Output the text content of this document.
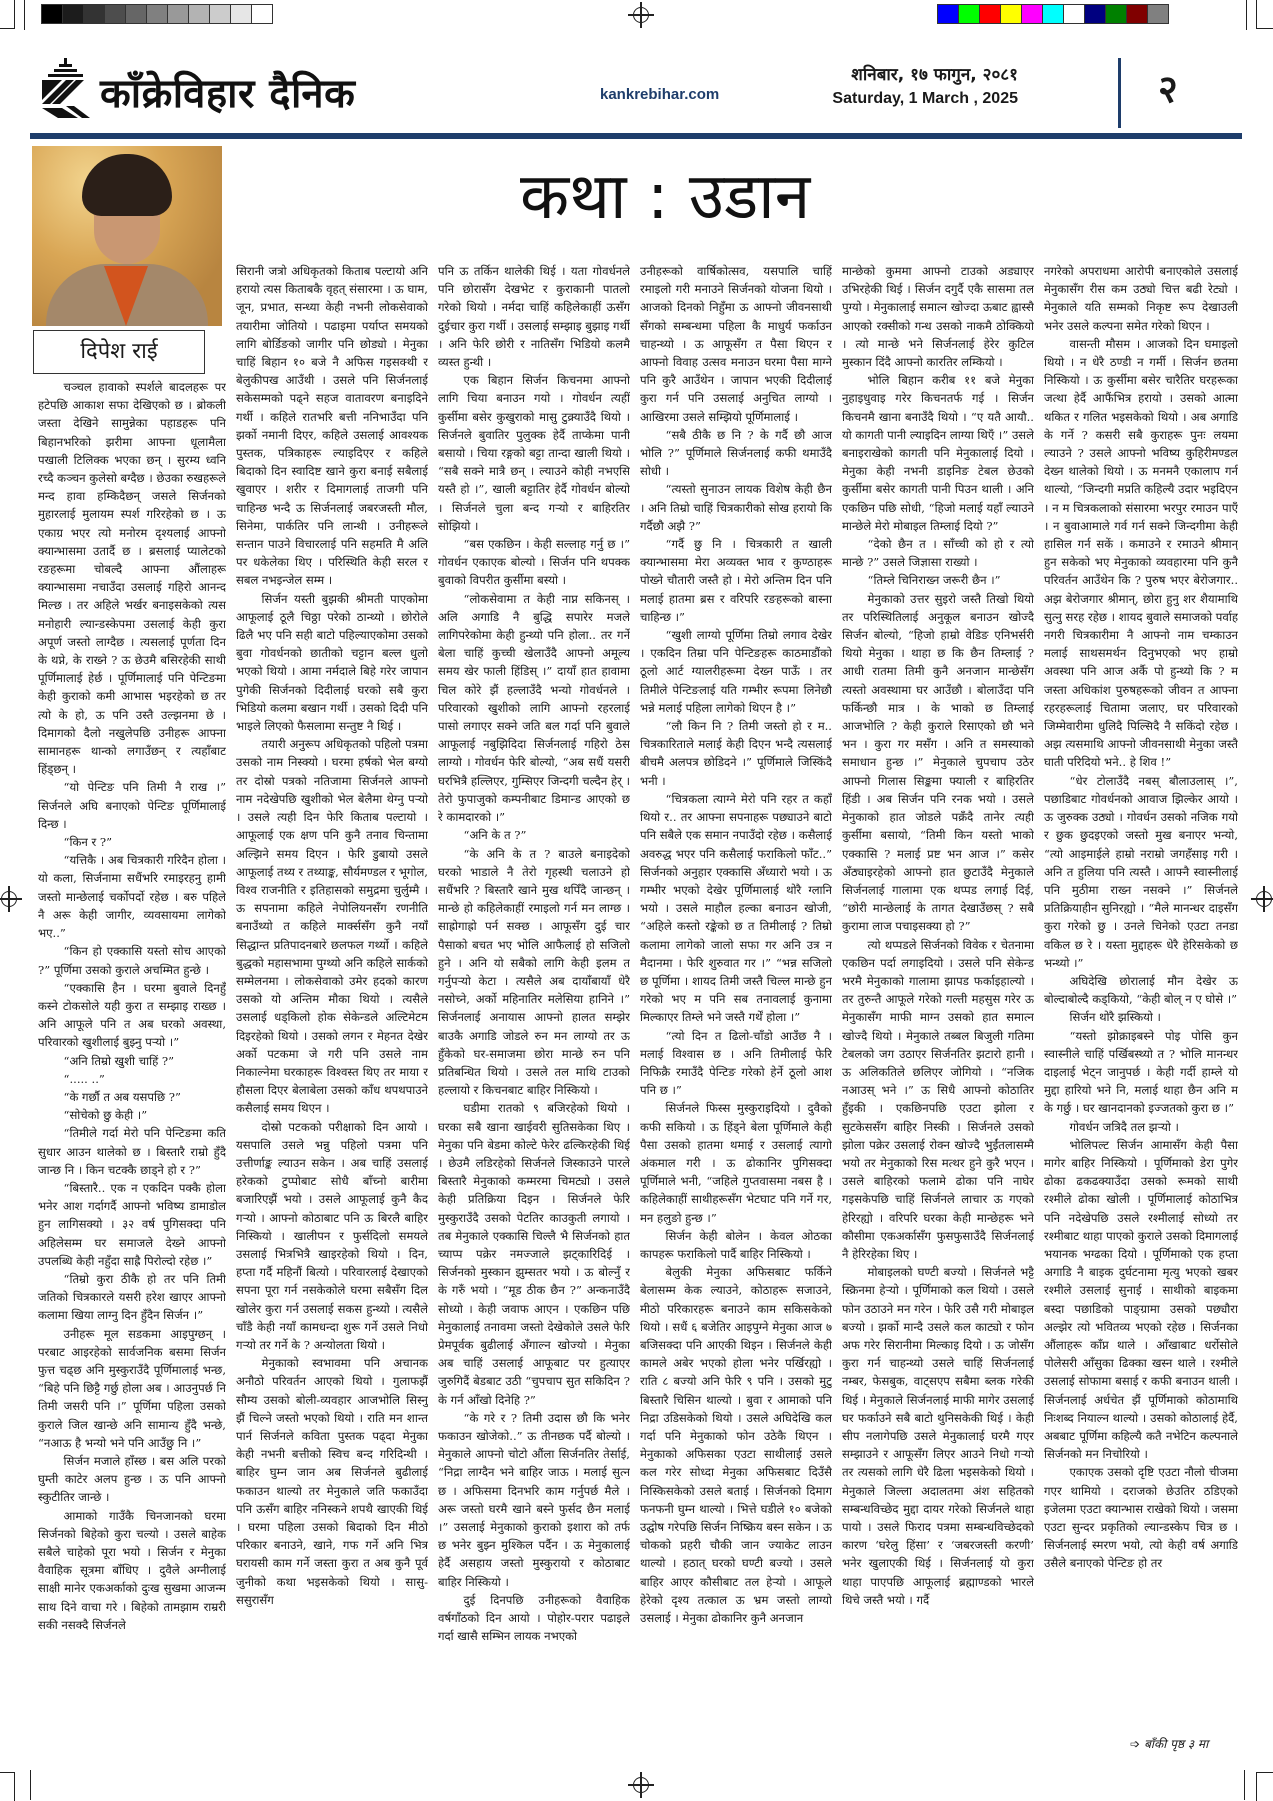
काँक्रेविहार दैनिक	kankrebihar.com
शनिबार, १७ फागुन, २०८१
Saturday, 1 March , 2025	२
दिपेश राई
कथा : उडान

चञ्चल हावाको स्पर्शले बादलहरू पर हटेपछि आकाश सफा देखिएको छ । ब्रोकली जस्ता देखिने सामुन्नेका पहाडहरू पनि बिहानभरिको झरीमा आफ्ना धूलामैला पखाली टिलिक्क भएका छन् । सुरम्य ध्वनि रच्दै कञ्चन कुलेसो बग्दैछ । छेउका रुखहरूले मन्द हावा हम्किदैछन् जसले सिर्जनको मुहारलाई मुलायम स्पर्श गरिरहेको छ । ऊ एकाग्र भएर त्यो मनोरम दृश्यलाई आफ्नो क्यान्भासमा उतार्दै छ । ब्रसलाई प्यालेटको रङहरूमा चोबल्दै आफ्ना औंलाहरू क्यान्भासमा नचाउँदा उसलाई गहिरो आनन्द मिल्छ । तर अहिले भर्खर बनाइसकेको त्यस मनोहारी ल्यान्डस्केपमा उसलाई केही कुरा अपूर्ण जस्तो लाग्दैछ । त्यसलाई पूर्णता दिन के थप्ने, के राख्ने ? ऊ छेउमै बसिरहेकी साथी पूर्णिमालाई हेर्छ । पूर्णिमालाई पनि पेन्टिङमा केही कुराको कमी आभास भइरहेको छ तर त्यो के हो, ऊ पनि उस्तै उल्झनमा छे । दिमागको दैलो नखुलेपछि उनीहरू आफ्ना सामानहरू थान्को लगाउँछन् र त्यहाँबाट हिंड्छन् ।

“यो पेन्टिङ पनि तिमी नै राख ।” सिर्जनले अघि बनाएको पेन्टिङ पूर्णिमालाई दिन्छ ।

“किन र ?”

“यत्तिकै । अब चित्रकारी गरिदैन होला । यो कला, सिर्जनामा सधैंभरि रमाइरहनु हामी जस्तो मान्छेलाई चर्कोपर्दो रहेछ । बरु पहिले नै अरू केही जागीर, व्यवसायमा लागेको भए..”

“किन हो एक्कासि यस्तो सोच आएको ?” पूर्णिमा उसको कुराले अचम्मित हुन्छे ।

“एक्कासि हैन । घरमा बुवाले दिनहुँ कस्ने टोकसोले यही कुरा त सम्झाइ राख्छ । अनि आफूले पनि त अब घरको अवस्था, परिवारको खुशीलाई बुझ्नु पऱ्यो ।”

“अनि तिम्रो खुशी चाहिं ?”

“..... ..”

“के गर्छौ त अब यसपछि ?”

“सोचेको छु केही ।”

“तिमीले गर्दा मेरो पनि पेन्टिङमा कति सुधार आउन थालेको छ । बिस्तारै राम्रो हुँदै जान्छ नि । किन चटक्कै छाड्ने हो र ?”

“बिस्तारै.. एक न एकदिन पक्कै होला भनेर आश गर्दागर्दै आफ्नो भविष्य डामाडोल हुन लागिसक्यो । ३२ वर्ष पुगिसक्दा पनि अहिलेसम्म घर समाजले देख्ने आफ्नो उपलब्धि केही नहुँदा साह्रै पिरोल्दो रहेछ ।”

“तिम्रो कुरा ठीकै हो तर पनि तिमी जतिको चित्रकारले यसरी हरेश खाएर आफ्नो कलामा खिया लाग्नु दिन हुँदैन सिर्जन ।”

उनीहरू मूल सडकमा आइपुग्छन् । परबाट आइरहेको सार्वजनिक बसमा सिर्जन फुत्त चढ्छ अनि मुस्कुराउँदै पूर्णिमालाई भन्छ, “बिहे पनि छिट्टै गर्छु होला अब । आउनुपर्छ नि तिमी जसरी पनि ।” पूर्णिमा पहिला उसको कुराले जिल खान्छे अनि सामान्य हुँदै भन्छे, “नआऊ है भन्यो भने पनि आउँछु नि ।”

सिर्जन मजाले हाँस्छ । बस अलि परको घुम्ती काटेर अलप हुन्छ । ऊ पनि आफ्नो स्कुटीतिर जान्छे ।

आमाको गाउँकै चिनजानको घरमा सिर्जनको बिहेको कुरा चल्यो । उसले बाहेक सबैले चाहेको पूरा भयो । सिर्जन र मेनुका वैवाहिक सूत्रमा बाँधिए । दुवैले अग्नीलाई साक्षी मानेर एकअर्काको दुःख सुखमा आजन्म साथ दिने वाचा गरे । बिहेको तामझाम राम्ररी सकी नसक्दै सिर्जनले

सिरानी जत्रो अधिकृतको किताब पल्टायो अनि हरायो त्यस किताबकै वृहत् संसारमा । ऊ घाम, जून, प्रभात, सन्ध्या केही नभनी लोकसेवाको तयारीमा जोतियो । पढाइमा पर्याप्त समयको लागि बोर्डिङको जागीर पनि छोड्यो । मेनुका चाहिं बिहान १० बजे नै अफिस गइसक्थी र बेलुकीपख आउँथी । उसले पनि सिर्जनलाई सकेसम्मको पढ्ने सहज वातावरण बनाइदिने गर्थी । कहिले रातभरि बत्ती ननिभाउँदा पनि झर्को नमानी दिएर, कहिले उसलाई आवश्यक पुस्तक, पत्रिकाहरू ल्याइदिएर र कहिले बिदाको दिन स्वादिष्ट खाने कुरा बनाई सबैलाई खुवाएर । शरीर र दिमागलाई ताजगी पनि चाहिन्छ भन्दै ऊ सिर्जनलाई जबरजस्ती मौल, सिनेमा, पार्कतिर पनि लान्थी । उनीहरूले सन्तान पाउने विचारलाई पनि सहमति मै अलि पर धकेलेका थिए । परिस्थिति केही सरल र सबल नभइन्जेल सम्म ।

सिर्जन यस्ती बुझकी श्रीमती पाएकोमा आफूलाई ठूलै चिठ्ठा परेको ठान्थ्यो । छोरोले ढिलै भए पनि सही बाटो पहिल्याएकोमा उसको बुवा गोवर्धनको छातीको चट्टान बल्ल धुलो भएको थियो । आमा नर्मदाले बिहे गरेर जापान पुगेकी सिर्जनको दिदीलाई घरको सबै कुरा भिडियो कलमा बखान गर्थी । उसको दिदी पनि भाइले लिएको फैसलामा सन्तुष्ट नै थिई ।

तयारी अनुरूप अधिकृतको पहिलो पत्रमा उसको नाम निस्क्यो । घरमा हर्षको भेल बग्यो तर दोस्रो पत्रको नतिजामा सिर्जनले आफ्नो नाम नदेखेपछि खुशीको भेल बेलैमा थेग्नु पऱ्यो । उसले त्यही दिन फेरि किताब पल्टायो । आफूलाई एक क्षण पनि कुनै तनाव चिन्तामा अल्झिने समय दिएन । फेरि डुबायो उसले आफूलाई तथ्य र तथ्याङ्क, सौर्यमण्डल र भूगोल, विश्व राजनीति र इतिहासको समुद्रमा चुर्लुम्मै । ऊ सपनामा कहिले नेपोलियनसँग रणनीति बनाउँथ्यो त कहिले मार्क्ससँग कुनै नयाँ सिद्धान्त प्रतिपादनबारे छलफल गर्थ्यो । कहिले बुद्धको महासभामा पुग्थ्यो अनि कहिले सार्कको सम्मेलनमा । लोकसेवाको उमेर हदको कारण उसको यो अन्तिम मौका थियो । त्यसैले उसलाई धड्किलो होक सेकेन्डले अल्टिमेटम दिइरहेको थियो । उसको लगन र मेहनत देखेर अर्को पटकमा जे गरी पनि उसले नाम निकाल्नेमा घरकाहरू विश्वस्त थिए तर माया र हौसला दिएर बेलाबेला उसको काँध थपथपाउने कसैलाई समय थिएन ।

दोस्रो पटकको परीक्षाको दिन आयो । यसपालि उसले भन्नु पहिलो पत्रमा पनि उत्तीर्णाङ्क ल्याउन सकेन । अब चाहिं उसलाई हरेकको टुप्पोबाट सोधै बाँच्नो बारीमा बजारिएझैं भयो । उसले आफूलाई कुनै कैद गऱ्यो । आफ्नो कोठाबाट पनि ऊ बिरलै बाहिर निस्कियो । खालीपन र फुर्सदिलो समयले उसलाई भित्रभित्रै खाइरहेको थियो । दिन, हप्ता गर्दै महिनौं बित्यो । परिवारलाई देखाएको सपना पूरा गर्न नसकेकोले घरमा सबैसँग दिल खोलेर कुरा गर्न उसलाई सकस हुन्थ्यो । त्यसैले चाँडै केही नयाँ कामधन्दा शुरू गर्ने उसले निधो गऱ्यो तर गर्ने के ? अन्योलता थियो ।

मेनुकाको स्वभावमा पनि अचानक अनौठो परिवर्तन आएको थियो । गुलाफझैं सौम्य उसको बोली-व्यवहार आजभोलि सिस्नु झैं चिल्ने जस्तो भएको थियो । राति मन शान्त पार्न सिर्जनले कविता पुस्तक पढ्दा मेनुका केही नभनी बत्तीको स्विच बन्द गरिदिन्थी । बाहिर घुम्न जान अब सिर्जनले बुढीलाई फकाउन थाल्यो तर मेनुकाले जति फकाउँदा पनि ऊसँग बाहिर ननिस्कने शपथै खाएकी थिई । घरमा पहिला उसको बिदाको दिन मीठो परिकार बनाउने, खाने, गफ गर्ने अनि भित्र घरायसी काम गर्ने जस्ता कुरा त अब कुनै पूर्व जुनीको कथा भइसकेको थियो । सासु-ससुरासँग

पनि ऊ तर्किन थालेकी थिई । यता गोवर्धनले पनि छोरासँग देखभेट र कुराकानी पातलो गरेको थियो । नर्मदा चाहिं कहिलेकाहीं ऊसँग दुईचार कुरा गर्थी । उसलाई सम्झाइ बुझाइ गर्थी । अनि फेरि छोरी र नातिसँग भिडियो कलमै व्यस्त हुन्थी ।

एक बिहान सिर्जन किचनमा आफ्नो लागि चिया बनाउन गयो । गोवर्धन त्यहीं कुर्सीमा बसेर कुखुराको मासु टुक्र्याउँदै थियो । सिर्जनले बुवातिर पुलुक्क हेर्दै ताप्केमा पानी बसायो । चिया रङ्गको बट्टा तान्दा खाली थियो । “सबै सक्ने मात्रै छन् । ल्याउने कोही नभएसि यस्तै हो ।”, खाली बट्टातिर हेर्दै गोवर्धन बोल्यो । सिर्जनले चुला बन्द गऱ्यो र बाहिरतिर सोझियो ।

“बस एकछिन । केही सल्लाह गर्नु छ ।” गोवर्धन एकाएक बोल्यो । सिर्जन पनि थपक्क बुवाको विपरीत कुर्सीमा बस्यो ।

“लोकसेवामा त केही नाप्न सकिनस् । अलि अगाडि नै बुद्धि सपारेर मजले लागिपरेकोमा केही हुन्थ्यो पनि होला.. तर गर्ने बेला चाहिं कुच्ची खेलाउँदै आफ्नो अमूल्य समय खेर फाली हिंडिस् ।” दायाँ हात हावामा चिल कोरे झैं हल्लाउँदै भन्यो गोवर्धनले । परिवारको खुशीको लागि आफ्नो रहरलाई पासो लगाएर सक्ने जति बल गर्दा पनि बुवाले आफूलाई नबुझिदिदा सिर्जनलाई गहिरो ठेस लाग्यो । गोवर्धन फेरि बोल्यो, “अब सधैं यसरी घरभित्रै हल्लिएर, गुम्सिएर जिन्दगी चल्दैन हेर् । तेरो फुपाजुको कम्पनीबाट डिमान्ड आएको छ रे कामदारको ।”

“अनि के त ?”

“के अनि के त ? बाउले बनाइदेको घरको भाडाले नै तेरो गृहस्थी चलाउने हो सधैंभरि ? बिस्तारै खाने मुख थपिँदै जान्छन् । मान्छे हो कहिलेकाहीं रमाइलो गर्न मन लाग्छ । साह्रोगाह्रो पर्न सक्छ । आफूसँग दुई चार पैसाको बचत भए भोलि आफैलाई हो सजिलो हुने । अनि यो सबैको लागि केही इलम त गर्नुपऱ्यो केटा । त्यसैले अब दायाँबायाँ धेरै नसोच्ने, अर्को महिनातिर मलेसिया हानिने ।” सिर्जनलाई अनायास आफ्नो हालत सम्झेर बाउकै अगाडि जोडले रुन मन लाग्यो तर ऊ हुँकेको घर-समाजमा छोरा मान्छे रुन पनि प्रतिबन्धित थियो । उसले तल माथि टाउको हल्लायो र किचनबाट बाहिर निस्कियो ।

घडीमा रातको ९ बजिरहेको थियो । घरका सबै खाना खाईवरी सुतिसकेका थिए । मेनुका पनि बेडमा कोल्टे फेरेर ढल्किरहेकी थिई । छेउमै लडिरहेको सिर्जनले जिस्काउने पारले बिस्तारै मेनुकाको कम्मरमा चिमट्यो । उसले केही प्रतिक्रिया दिइन । सिर्जनले फेरि मुस्कुराउँदै उसको पेटतिर काउकुती लगायो । तब मेनुकाले एक्कासि चिल्लै भै सिर्जनको हात च्याप्प पक्रेर नमज्जाले झट्कारिदिई । सिर्जनको मुस्कान झुम्सतर भयो । ऊ बोल्नुँ र के गरुँ भयो । “मूड ठीक छैन ?” अन्कनाउँदै सोध्यो । केही जवाफ आएन । एकछिन पछि मेनुकालाई तनावमा जस्तो देखेकोले उसले फेरि प्रेमपूर्वक बुढीलाई अँगाल्न खोज्यो । मेनुका अब चाहिं उसलाई आफूबाट पर हुत्याएर जुरुगिदैं बेडबाट उठी “चुपचाप सुत सकिदिन ? के गर्न आँखो दिनेहि ?”

“के गरे र ? तिमी उदास छौ कि भनेर फकाउन खोजेको..” ऊ तीनछक पर्दै बोल्यो । मेनुकाले आफ्नो चोटो औंला सिर्जनतिर तेर्साई, “निद्रा लाग्दैन भने बाहिर जाऊ । मलाई सुत्न छ । अफिसमा दिनभरि काम गर्नुपर्छ मैले । अरू जस्तो घरमै खाने बस्ने फुर्सद छैन मलाई ।” उसलाई मेनुकाको कुराको इशारा को तर्फ छ भनेर बुझ्न मुश्किल पर्दैन । ऊ मेनुकालाई हेर्दै असहाय जस्तो मुस्कुरायो र कोठाबाट बाहिर निस्कियो ।

दुई दिनपछि उनीहरूको वैवाहिक वर्षगाँठको दिन आयो । पोहोर-परार पढाइले गर्दा खासै सम्भिन लायक नभएको

उनीहरूको वार्षिकोत्सव, यसपालि चाहिं रमाइलो गरी मनाउने सिर्जनको योजना थियो । आजको दिनको निहुँमा ऊ आफ्नो जीवनसाथी सँगको सम्बन्धमा पहिला कै माधुर्य फर्काउन चाहन्थ्यो । ऊ आफूसँग त पैसा थिएन र आफ्नो विवाह उत्सव मनाउन घरमा पैसा माग्ने पनि कुरै आउँथेन । जापान भएकी दिदीलाई कुरा गर्न पनि उसलाई अनुचित लाग्यो । आखिरमा उसले सम्झियो पूर्णिमालाई ।

“सबै ठीकै छ नि ? के गर्दै छौ आज भोलि ?” पूर्णिमाले सिर्जनलाई कफी थमाउँदै सोधी ।

“त्यस्तो सुनाउन लायक विशेष केही छैन । अनि तिम्रो चाहिं चित्रकारीको सोख हरायो कि गर्दैछौ अझै ?”

“गर्दै छु नि । चित्रकारी त खाली क्यान्भासमा मेरा अव्यक्त भाव र कुण्ठाहरू पोख्ने चौतारी जस्तै हो । मेरो अन्तिम दिन पनि मलाई हातमा ब्रस र वरिपरि रङहरूको बास्ना चाहिन्छ ।”

“खुशी लाग्यो पूर्णिमा तिम्रो लगाव देखेर । एकदिन तिम्रा पनि पेन्टिङहरू काठमाडौंको ठूलो आर्ट ग्यालरीहरूमा देख्न पाऊँ । तर तिमीले पेन्टिङलाई यति गम्भीर रूपमा लिनेछौ भन्ने मलाई पहिला लागेको थिएन है ।”

“लौ किन नि ? तिमी जस्तो हो र म.. चित्रकारिताले मलाई केही दिएन भन्दै त्यसलाई बीचमै अलपत्र छोडिदने ।” पूर्णिमाले जिस्किंदै भनी ।

“चित्रकला त्याग्ने मेरो पनि रहर त कहाँ थियो र.. तर आफ्ना सपनाहरू पछ्याउने बाटो पनि सबैले एक समान नपाउँदो रहेछ । कसैलाई अवरुद्ध भएर पनि कसैलाई फराकिलो फाँट..” सिर्जनको अनुहार एक्कासि अँध्यारो भयो । ऊ गम्भीर भएको देखेर पूर्णिमालाई थोरै ग्लानि भयो । उसले माहौल हल्का बनाउन खोजी, “अहिले कस्तो रङ्केको छ त तिमीलाई ? तिम्रो कलामा लागेको जालो सफा गर अनि उत्र न मैदानमा । फेरि शुरुवात गर ।” “भन्न सजिलो छ पूर्णिमा । शायद तिमी जस्तै चिल्ल मान्छे हुन गरेको भए म पनि सब तनावलाई कुनामा मिल्काएर तिम्ले भने जस्तै गर्थें होला ।”

“त्यो दिन त ढिलो-चाँडो आउँछ नै । मलाई विश्वास छ । अनि तिमीलाई फेरि निफिक्रै रमाउँदै पेन्टिङ गरेको हेर्ने ठूलो आश पनि छ ।”

सिर्जनले फिस्स मुस्कुराइदियो । दुवैको कफी सकियो । ऊ हिंड्ने बेला पूर्णिमाले केही पैसा उसको हातमा थमाई र उसलाई त्यागो अंकमाल गरी । ऊ ढोकानिर पुगिसक्दा पूर्णिमाले भनी, “जहिले गुप्तवासमा नबस है । कहिलेकाहीं साथीहरूसँग भेटघाट पनि गर्ने गर, मन हलुङो हुन्छ ।”

सिर्जन केही बोलेन । केवल ओठका कापहरू फराकिलो पार्दै बाहिर निस्कियो ।

बेलुकी मेनुका अफिसबाट फर्किने बेलासम्म केक ल्याउने, कोठाहरू सजाउने, मीठो परिकारहरू बनाउने काम सकिसकेको थियो । सधैं ६ बजेतिर आइपुग्ने मेनुका आज ७ बजिसक्दा पनि आएकी थिइन । सिर्जनले केही कामले अबेर भएको होला भनेर पर्खिरह्यो । राति ८ बज्यो अनि फेरि ९ पनि । उसको मुटु बिस्तारै चिसिन थाल्यो । बुवा र आमाको पनि निद्रा उडिसकेको थियो । उसले अघिदेखि कल गर्दा पनि मेनुकाको फोन उठेकै थिएन । मेनुकाको अफिसका एउटा साथीलाई उसले कल गरेर सोध्दा मेनुका अफिसबाट दिउँसै निस्किसकेको उसले बताई । सिर्जनको दिमाग फनफनी घुम्न थाल्यो । भित्ते घडीले १० बजेको उद्घोष गरेपछि सिर्जन निष्क्रिय बस्न सकेन । ऊ चोकको प्रहरी चौकी जान ज्याकेट लाउन थाल्यो । हठात् घरको घण्टी बज्यो । उसले बाहिर आएर कौसीबाट तल हेऱ्यो । आफूले हेरेको दृश्य तत्काल ऊ भ्रम जस्तो लाग्यो उसलाई । मेनुका ढोकानिर कुनै अनजान

मान्छेको कुममा आफ्नो टाउको अड्याएर उभिरहेकी थिई । सिर्जन दगुर्दै एकै सासमा तल पुग्यो । मेनुकालाई समात्न खोज्दा ऊबाट ह्वास्सै आएको रक्सीको गन्ध उसको नाकमै ठोक्कियो । त्यो मान्छे भने सिर्जनलाई हेरेर कुटिल मुस्कान दिंदै आफ्नो कारतिर लम्कियो ।

भोलि बिहान करीब ११ बजे मेनुका नुहाइधुवाइ गरेर किचनतर्फ गई । सिर्जन किचनमै खाना बनाउँदै थियो । “ए यतै आयौ.. यो कागती पानी ल्याइदिन लाग्या थिएँ ।” उसले बनाइराखेको कागती पनि मेनुकालाई दियो । मेनुका केही नभनी डाइनिङ टेबल छेउको कुर्सीमा बसेर कागती पानी पिउन थाली । अनि एकछिन पछि सोधी, “हिजो मलाई यहाँ ल्याउने मान्छेले मेरो मोबाइल तिम्लाई दियो ?”

“देको छैन त । साँच्ची को हो र त्यो मान्छे ?” उसले जिज्ञासा राख्यो ।

“तिम्ले चिनिराख्न जरूरी छैन ।”

मेनुकाको उत्तर सुइरो जस्तै तिखो थियो तर परिस्थितिलाई अनुकूल बनाउन खोज्दै सिर्जन बोल्यो, “हिजो हाम्रो वेडिङ एनिभर्सरी थियो मेनुका । थाहा छ कि छैन तिम्लाई ? आधी रातमा तिमी कुनै अनजान मान्छेसँग त्यस्तो अवस्थामा घर आउँछौ । बोलाउँदा पनि फर्किन्छौ मात्र । के भाको छ तिम्लाई आजभोलि ? केही कुराले रिसाएको छौ भने भन । कुरा गर मसँग । अनि त समस्याको समाधान हुन्छ ।” मेनुकाले चुपचाप उठेर आफ्नो गिलास सिङ्कमा फ्याली र बाहिरतिर हिंडी । अब सिर्जन पनि रनक भयो । उसले मेनुकाको हात जोडले पक्रँदै तानेर त्यही कुर्सीमा बसायो, “तिमी किन यस्तो भाको एक्कासि ? मलाई प्रष्ट भन आज ।” कसेर अँठ्याइरहेको आफ्नो हात छुटाउँदै मेनुकाले सिर्जनलाई गालामा एक थप्पड लगाई दिई, “छोरी मान्छेलाई के तागत देखाउँछस् ? सबै कुरामा लाज पचाइसक्या हो ?”

त्यो थप्पडले सिर्जनको विवेक र चेतनामा एकछिन पर्दा लगाइदियो । उसले पनि सेकेन्ड भरमै मेनुकाको गालामा झापड फर्काइहाल्यो । तर तुरुन्तै आफूले गरेको गल्ती महसुस गरेर ऊ मेनुकासँग माफी माग्न उसको हात समात्न खोज्दै थियो । मेनुकाले तब्बल बिजुली गतिमा टेबलको जग उठाएर सिर्जनतिर झटारो हानी । ऊ अलिकतिले छलिएर जोगियो । “नजिक नआउस् भने ।” ऊ सिधै आफ्नो कोठातिर हुँइकी । एकछिनपछि एउटा झोला र सुटकेससँग बाहिर निस्की । सिर्जनले उसको झोला पक्रेर उसलाई रोक्न खोज्दै भुईंतलासम्मै भयो तर मेनुकाको रिस मत्थर हुने कुरै भएन । उसले बाहिरको फलामे ढोका पनि नाघेर गइसकेपछि चाहिं सिर्जनले लाचार ऊ गएको हेरिरह्यो । वरिपरि घरका केही मान्छेहरू भने कौसीमा एकअर्कासँग फुसफुसाउँदै सिर्जनलाई नै हेरिरहेका थिए ।

मोबाइलको घण्टी बज्यो । सिर्जनले भट्टै स्क्रिनमा हेऱ्यो । पूर्णिमाको कल थियो । उसले फोन उठाउने मन गरेन । फेरि उसै गरी मोबाइल बज्यो । झर्को मान्दै उसले कल काट्यो र फोन अफ गरेर सिरानीमा मिल्काइ दियो । ऊ जोसँग कुरा गर्न चाहन्थ्यो उसले चाहिं सिर्जनलाई नम्बर, फेसबुक, वाट्सएप सबैमा ब्लक गरेकी थिई । मेनुकाले सिर्जनलाई माफी मागेर उसलाई घर फर्काउने सबै बाटो थुनिसकेकी थिई । केही सीप नलागेपछि उसले मेनुकालाई घरमै गएर सम्झाउने र आफूसँग लिएर आउने निधो गऱ्यो तर त्यसको लागि धेरै ढिला भइसकेको थियो । मेनुकाले जिल्ला अदालतमा अंश सहितको सम्बन्धविच्छेद मुद्दा दायर गरेको सिर्जनले थाहा पायो । उसले फिराद पत्रमा सम्बन्धविच्छेदको कारण ‘घरेलु हिंसा’ र ‘जबरजस्ती करणी’ भनेर खुलाएकी थिई । सिर्जनलाई यो कुरा थाहा पाएपछि आफूलाई ब्रह्माण्डको भारले थिचे जस्तै भयो । गर्दै

नगरेको अपराधमा आरोपी बनाएकोले उसलाई मेनुकासँग रीस कम उठ्यो चित्त बढी रेट्यो । मेनुकाले यति सम्मको निकृष्ट रूप देखाउली भनेर उसले कल्पना समेत गरेको थिएन ।

वासन्ती मौसम । आजको दिन घमाइलो थियो । न धेरै ठण्डी न गर्मी । सिर्जन छतमा निस्कियो । ऊ कुर्सीमा बसेर चारैतिर घरहरूका जत्था हेर्दै आफैंभित्र हरायो । उसको आत्मा थकित र गलित भइसकेको थियो । अब अगाडि के गर्ने ? कसरी सबै कुराहरू पुनः लयमा ल्याउने ? उसले आफ्नो भविष्य कुहिरीमण्डल देख्न थालेको थियो । ऊ मनमनै एकालाप गर्न थाल्यो, “जिन्दगी मप्रति कहिल्यै उदार भइदिएन । न म चित्रकलाको संसारमा भरपुर रमाउन पाएँ । न बुवाआमाले गर्व गर्न सक्ने जिन्दगीमा केही हासिल गर्न सकें । कमाउने र रमाउने श्रीमान् हुन सकेको भए मेनुकाको व्यवहारमा पनि कुनै परिवर्तन आउँथेन कि ? पुरुष भएर बेरोजगार.. अझ बेरोजगार श्रीमान्, छोरा हुनु शर शैयामाथि सुत्नु सरह रहेछ । शायद बुवाले समाजको पर्वाह नगरी चित्रकारीमा नै आफ्नो नाम चम्काउन मलाई साथसमर्थन दिनुभएको भए हाम्रो अवस्था पनि आज अर्कै पो हुन्थ्यो कि ? म जस्ता अधिकांश पुरुषहरूको जीवन त आफ्ना रहरहरूलाई चितामा जलाए, घर परिवारको जिम्मेवारीमा धुलिदै पिल्सिदै नै सकिंदो रहेछ । अझ त्यसमाथि आफ्नो जीवनसाथी मेनुका जस्तै घाती परिदियो भने.. हे शिव !”

“धेर टोलाउँदै नबस् बौलाउलास् ।”, पछाडिबाट गोवर्धनको आवाज झिल्केर आयो । ऊ जुरुक्क उठ्यो । गोवर्धन उसको नजिक गयो र छुक छुदइएको जस्तो मुख बनाएर भन्यो, “त्यो आइमाईले हाम्रो नराम्रो जगहँसाइ गरी । अनि त हुलिया पनि त्यस्तै । आफ्नै स्वास्नीलाई पनि मुठीमा राख्न नसक्ने ।” सिर्जनले प्रतिक्रियाहीन सुनिरह्यो । “मैले मानन्धर दाइसँग कुरा गरेको छु । उनले चिनेको एउटा तनडा वकिल छ रे । यस्ता मुद्दाहरू धेरै हेरिसकेको छ भन्थ्यो ।”

अघिदेखि छोरालाई मौन देखेर ऊ बोल्दाबोल्दै कड्कियो, “केही बोल् न ए घोसे ।”

सिर्जन थोरै झस्कियो ।

“यस्तो झोक्राइबस्ने पोइ पोसि कुन स्वास्नीले चाहिं पर्खिबस्थ्यो त ? भोलि मानन्धर दाइलाई भेट्न जानुपर्छ । केही गर्दी हाम्ले यो मुद्दा हारियो भने नि, मलाई थाहा छैन अनि म के गर्छु । घर खानदानको इज्जतको कुरा छ ।”

गोवर्धन जत्रिदै तल झऱ्यो ।

भोलिपल्ट सिर्जन आमासँग केही पैसा मागेर बाहिर निस्कियो । पूर्णिमाको डेरा पुगेर ढोका ढकढक्याउँदा उसको रूमको साथी रश्मीले ढोका खोली । पूर्णिमालाई कोठाभित्र पनि नदेखेपछि उसले रश्मीलाई सोध्यो तर रश्मीबाट थाहा पाएको कुराले उसको दिमागलाई भयानक भग्ढका दियो । पूर्णिमाको एक हप्ता अगाडि नै बाइक दुर्घटनामा मृत्यु भएको खबर रश्मीले उसलाई सुनाई । साथीको बाइकमा बस्दा पछाडिको पाङ्ग्रामा उसको पछ्यौरा अल्झेर त्यो भवितव्य भएको रहेछ । सिर्जनका औंलाहरू काँप्न थाले । आँखाबाट धर्रोसोले पोलेसरी आँसुका ढिक्का खस्न थाले । रश्मीले उसलाई सोफामा बसाई र कफी बनाउन थाली । सिर्जनलाई अर्धचेत झैं पूर्णिमाको कोठामाथि निःशब्द नियाल्न थाल्यो । उसको कोठालाई हेर्दै, अबबाट पूर्णिमा कहिल्यै कतै नभेटिन कल्पनाले सिर्जनको मन निचोरियो ।

एकाएक उसको दृष्टि एउटा नौलो चीजमा गएर थामियो । दराजको छेउतिर ठडिएको इजेलमा एउटा क्यान्भास राखेको थियो । जसमा एउटा सुन्दर प्रकृतिको ल्यान्डस्केप चित्र छ । सिर्जनलाई स्मरण भयो, त्यो केही वर्ष अगाडि उसैले बनाएको पेन्टिङ हो तर

➩ बाँकी पृष्ठ ३ मा
